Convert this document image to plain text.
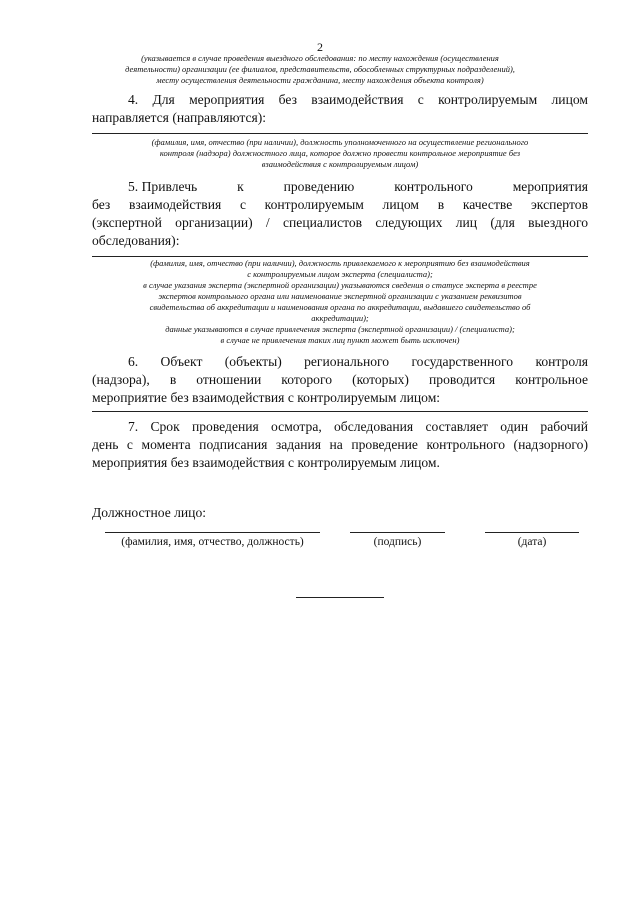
2
(указывается в случае проведения выездного обследования: по месту нахождения (осуществления
деятельности) организации (ее филиалов, представительств, обособленных структурных подразделений),
месту осуществления деятельности гражданина, месту нахождения объекта контроля)
4. Для мероприятия без взаимодействия с контролируемым лицом
направляется (направляются):
(фамилия, имя, отчество (при наличии), должность уполномоченного на осуществление регионального
контроля (надзора) должностного лица, которое должно провести контрольное мероприятие без
взаимодействия с контролируемым лицом)
5. Привлечь	к	проведению	контрольного	мероприятия
без взаимодействия с контролируемым лицом в качестве экспертов
(экспертной организации) / специалистов следующих лиц (для выездного
обследования):
(фамилия, имя, отчество (при наличии), должность привлекаемого к мероприятию без взаимодействия
с контролируемым лицом эксперта (специалиста);
в случае указания эксперта (экспертной организации) указываются сведения о статусе эксперта в реестре
экспертов контрольного органа или наименование экспертной организации с указанием реквизитов
свидетельства об аккредитации и наименования органа по аккредитации, выдавшего свидетельство об
аккредитации);
данные указываются в случае привлечения эксперта (экспертной организации) / (специалиста);
в случае не привлечения таких лиц пункт может быть исключен)
6. Объект (объекты) регионального государственного контроля
(надзора), в отношении которого (которых) проводится контрольное
мероприятие без взаимодействия с контролируемым лицом:
7. Срок проведения осмотра, обследования составляет один рабочий
день с момента подписания задания на проведение контрольного (надзорного)
мероприятия без взаимодействия с контролируемым лицом.
Должностное лицо:
(фамилия, имя, отчество, должность)	(подпись)	(дата)
